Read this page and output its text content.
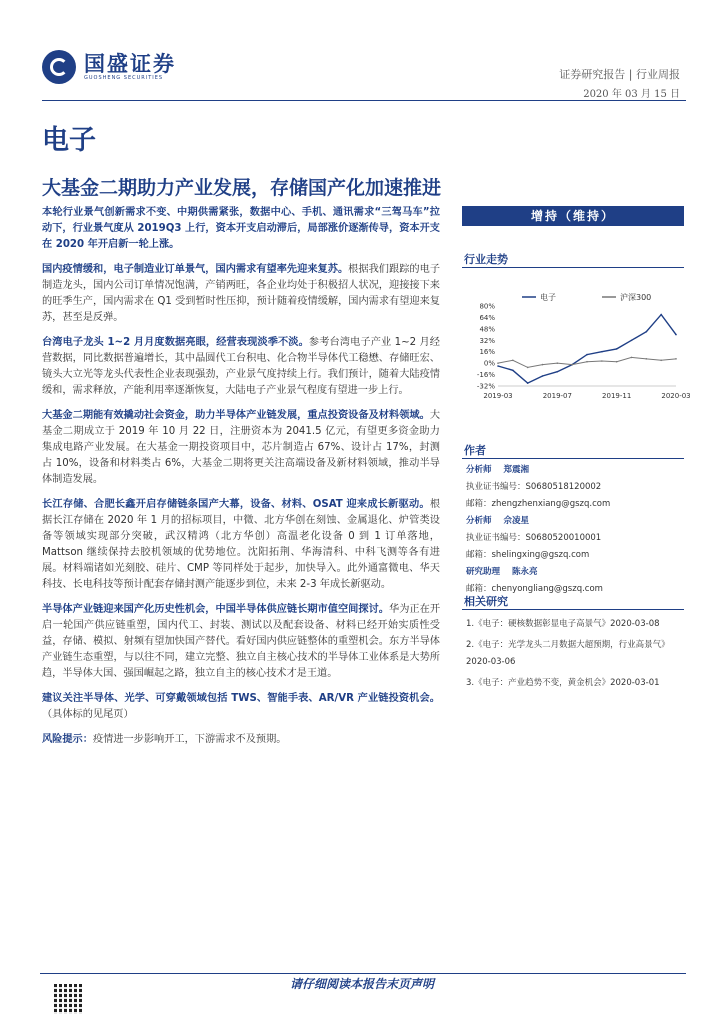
国盛证券
GUOSHENG SECURITIES	证券研究报告 | 行业周报
2020 年 03 月 15 日
电子
大基金二期助力产业发展，存储国产化加速推进

本轮行业景气创新需求不变、中期供需紧张，数据中心、手机、通讯需求“三驾马车”拉动下，行业景气度从 2019Q3 上行，资本开支启动滞后，局部涨价逐渐传导，资本开支在 2020 年开启新一轮上涨。

国内疫情缓和，电子制造业订单景气，国内需求有望率先迎来复苏。根据我们跟踪的电子制造龙头，国内公司订单情况饱满，产销两旺，各企业均处于积极招人状况，迎接接下来的旺季生产，国内需求在 Q1 受到暂时性压抑，预计随着疫情缓解，国内需求有望迎来复苏，甚至是反弹。

台湾电子龙头 1~2 月月度数据亮眼，经营表现淡季不淡。参考台湾电子产业 1~2 月经营数据，同比数据普遍增长，其中晶圆代工台积电、化合物半导体代工稳懋、存储旺宏、镜头大立光等龙头代表性企业表现强劲，产业景气度持续上行。我们预计，随着大陆疫情缓和，需求释放，产能利用率逐渐恢复，大陆电子产业景气程度有望进一步上行。

大基金二期能有效撬动社会资金，助力半导体产业链发展，重点投资设备及材料领域。大基金二期成立于 2019 年 10 月 22 日，注册资本为 2041.5 亿元，有望更多资金助力集成电路产业发展。在大基金一期投资项目中，芯片制造占 67%、设计占 17%，封测占 10%，设备和材料类占 6%，大基金二期将更关注高端设备及新材料领域，推动半导体制造发展。

长江存储、合肥长鑫开启存储链条国产大幕，设备、材料、OSAT 迎来成长新驱动。根据长江存储在 2020 年 1 月的招标项目，中微、北方华创在刻蚀、金属退化、炉管类设备等领域实现部分突破，武汉精鸿（北方华创）高温老化设备 0 到 1 订单落地，Mattson 继续保持去胶机领域的优势地位。沈阳拓荆、华海清科、中科飞测等各有进展。材料端诸如光刻胶、硅片、CMP 等同样处于起步，加快导入。此外通富微电、华天科技、长电科技等预计配套存储封测产能逐步到位，未来 2-3 年成长新驱动。

半导体产业链迎来国产化历史性机会，中国半导体供应链长期市值空间探讨。华为正在开启一轮国产供应链重塑，国内代工、封装、测试以及配套设备、材料已经开始实质性受益，存储、模拟、射频有望加快国产替代。看好国内供应链整体的重塑机会。东方半导体产业链生态重塑，与以往不同，建立完整、独立自主核心技术的半导体工业体系是大势所趋，半导体大国、强国崛起之路，独立自主的核心技术才是王道。

建议关注半导体、光学、可穿戴领域包括 TWS、智能手表、AR/VR 产业链投资机会。（具体标的见尾页）

风险提示：疫情进一步影响开工，下游需求不及预期。

增持（维持）
行业走势
80%
64%
48%
32%
16%
0%
-16%
-32%
2019-03	2019-07	2019-11	2020-03
电子	沪深300
作者
分析师 郑震湘
执业证书编号：S0680518120002
邮箱：zhengzhenxiang@gszq.com
分析师 佘凌星
执业证书编号：S0680520010001
邮箱：shelingxing@gszq.com
研究助理 陈永亮
邮箱：chenyongliang@gszq.com
相关研究
1.《电子：硬核数据彰显电子高景气》2020-03-08
2.《电子：光学龙头二月数据大超预期，行业高景气》
2020-03-06
3.《电子：产业趋势不变，黄金机会》2020-03-01
请仔细阅读本报告末页声明
